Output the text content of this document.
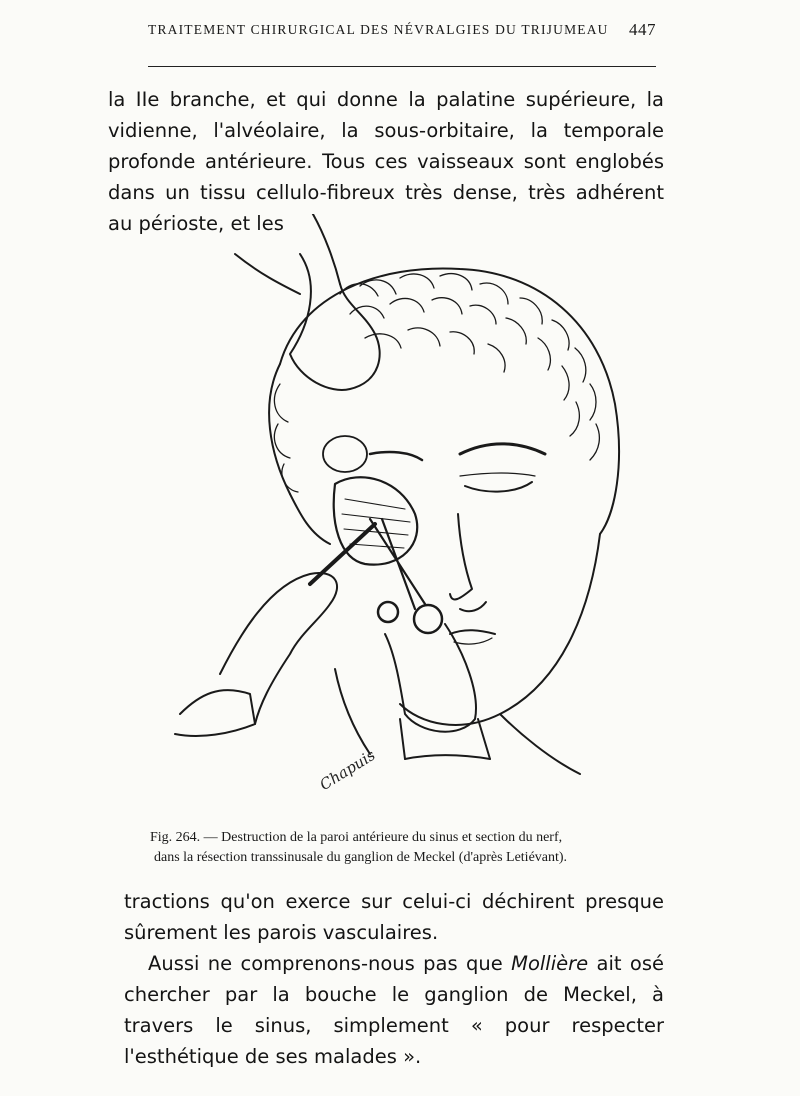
TRAITEMENT CHIRURGICAL DES NÉVRALGIES DU TRIJUMEAU 447

la IIe branche, et qui donne la palatine supérieure, la vidienne, l'alvéolaire, la sous-orbitaire, la temporale profonde antérieure. Tous ces vaisseaux sont englobés dans un tissu cellulo-fibreux très dense, très adhérent au périoste, et les

Chapuis
Fig. 264. — Destruction de la paroi antérieure du sinus et section du nerf,
dans la résection transsinusale du ganglion de Meckel (d'après Letiévant).

tractions qu'on exerce sur celui-ci déchirent presque sûrement les parois vasculaires.

Aussi ne comprenons-nous pas que Mollière ait osé chercher par la bouche le ganglion de Meckel, à travers le sinus, simplement « pour respecter l'esthétique de ses malades ».
